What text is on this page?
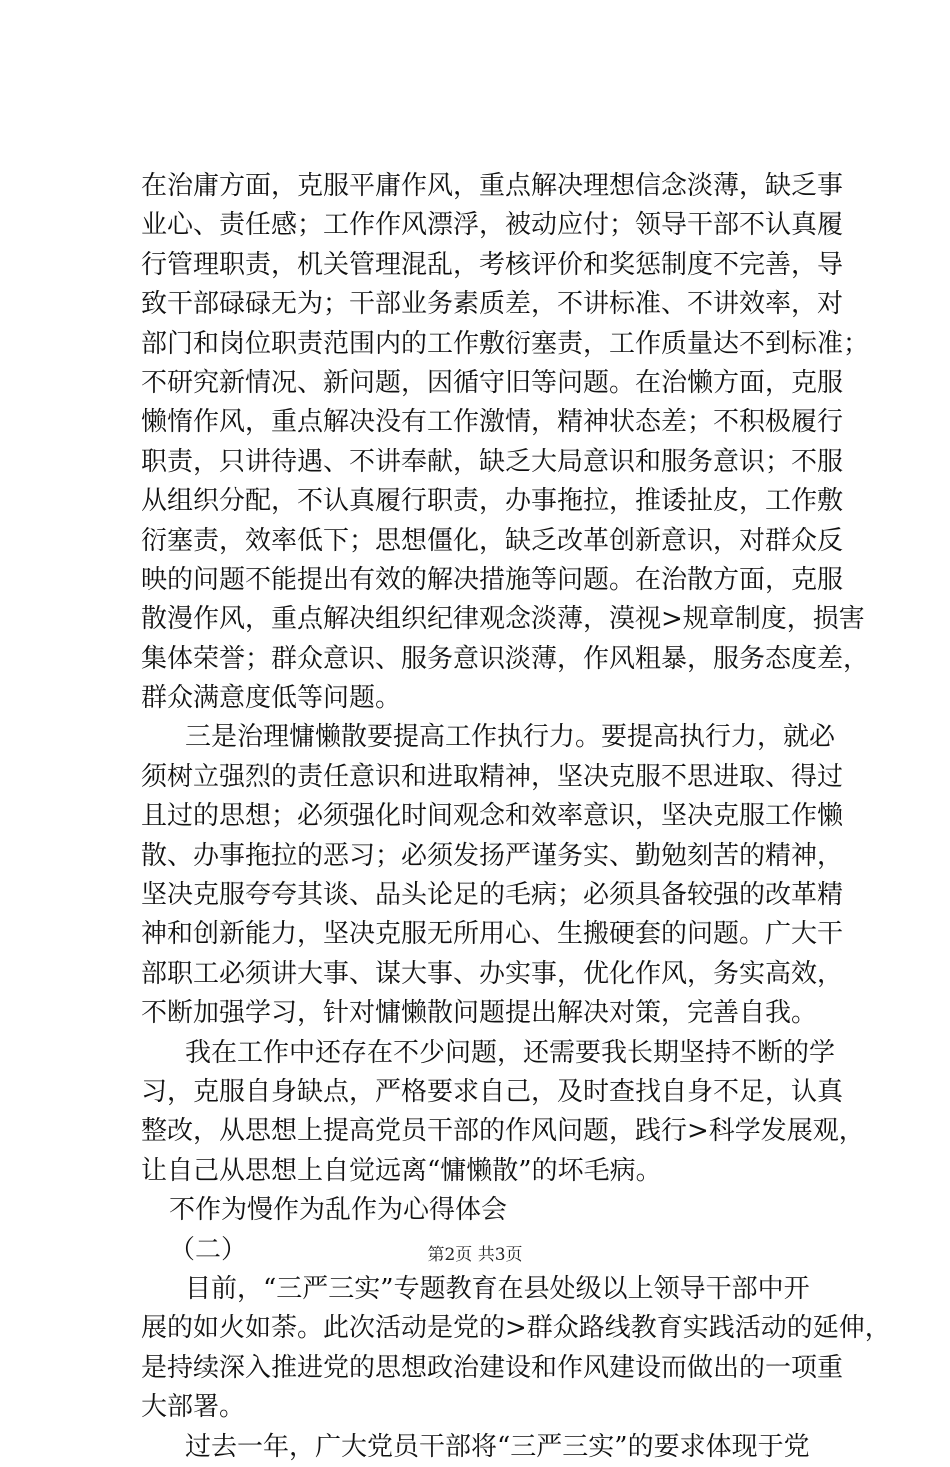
在治庸方面，克服平庸作风，重点解决理想信念淡薄，缺乏事
业心、责任感；工作作风漂浮，被动应付；领导干部不认真履
行管理职责，机关管理混乱，考核评价和奖惩制度不完善，导
致干部碌碌无为；干部业务素质差，不讲标准、不讲效率，对
部门和岗位职责范围内的工作敷衍塞责，工作质量达不到标准；
不研究新情况、新问题，因循守旧等问题。在治懒方面，克服
懒惰作风，重点解决没有工作激情，精神状态差；不积极履行
职责，只讲待遇、不讲奉献，缺乏大局意识和服务意识；不服
从组织分配，不认真履行职责，办事拖拉，推诿扯皮，工作敷
衍塞责，效率低下；思想僵化，缺乏改革创新意识，对群众反
映的问题不能提出有效的解决措施等问题。在治散方面，克服
散漫作风，重点解决组织纪律观念淡薄，漠视>规章制度，损害
集体荣誉；群众意识、服务意识淡薄，作风粗暴，服务态度差，
群众满意度低等问题。
三是治理慵懒散要提高工作执行力。要提高执行力，就必
须树立强烈的责任意识和进取精神，坚决克服不思进取、得过
且过的思想；必须强化时间观念和效率意识，坚决克服工作懒
散、办事拖拉的恶习；必须发扬严谨务实、勤勉刻苦的精神，
坚决克服夸夸其谈、品头论足的毛病；必须具备较强的改革精
神和创新能力，坚决克服无所用心、生搬硬套的问题。广大干
部职工必须讲大事、谋大事、办实事，优化作风，务实高效，
不断加强学习，针对慵懒散问题提出解决对策，完善自我。
我在工作中还存在不少问题，还需要我长期坚持不断的学
习，克服自身缺点，严格要求自己，及时查找自身不足，认真
整改，从思想上提高党员干部的作风问题，践行>科学发展观，
让自己从思想上自觉远离“慵懒散”的坏毛病。
不作为慢作为乱作为心得体会
（二）
目前，“三严三实”专题教育在县处级以上领导干部中开
展的如火如荼。此次活动是党的>群众路线教育实践活动的延伸，
是持续深入推进党的思想政治建设和作风建设而做出的一项重
大部署。
过去一年，广大党员干部将“三严三实”的要求体现于党
第2页 共3页
